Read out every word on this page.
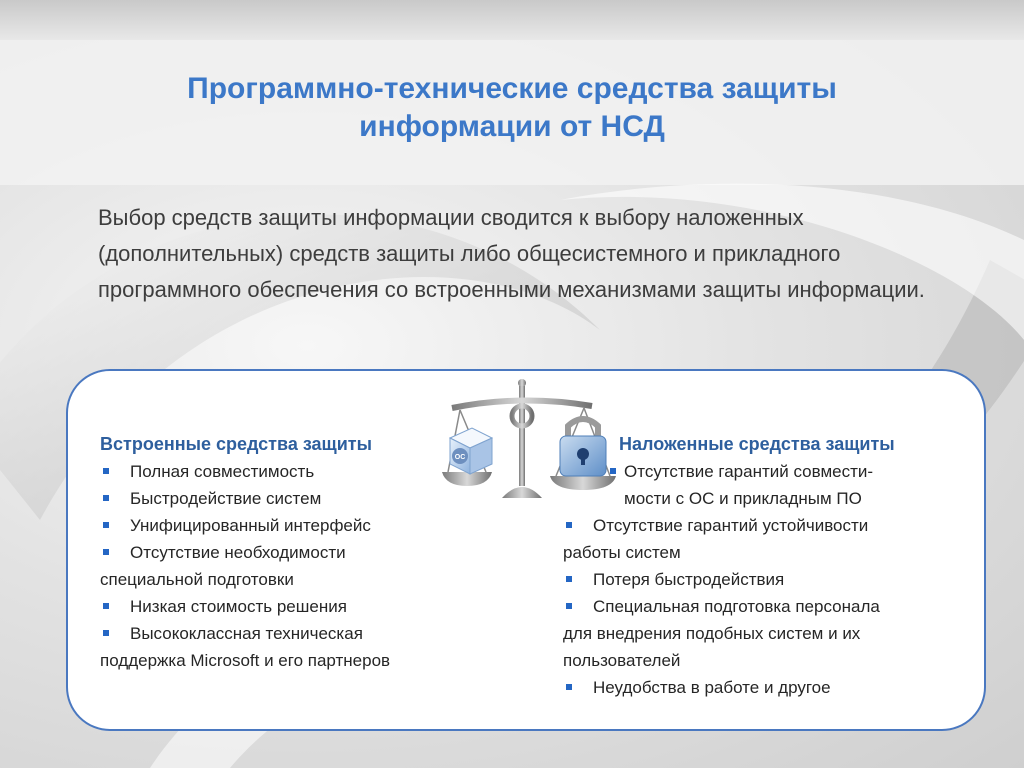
Программно-технические средства защиты
информации от НСД

Выбор средств защиты информации сводится к выбору наложенных (дополнительных) средств защиты либо общесистемного и прикладного программного обеспечения со встроенными механизмами защиты информации.

ОС
Встроенные средства защиты
Полная совместимость
Быстродействие систем
Унифицированный интерфейс
Отсутствие необходимости
специальной подготовки
Низкая стоимость решения
Высококлассная техническая
поддержка Microsoft и его партнеров
Наложенные средства защиты
Отсутствие гарантий совмести-
мости с ОС и прикладным ПО
Отсутствие гарантий устойчивости
работы систем
Потеря быстродействия
Специальная подготовка персонала
для внедрения подобных систем и их
пользователей
Неудобства в работе и другое
